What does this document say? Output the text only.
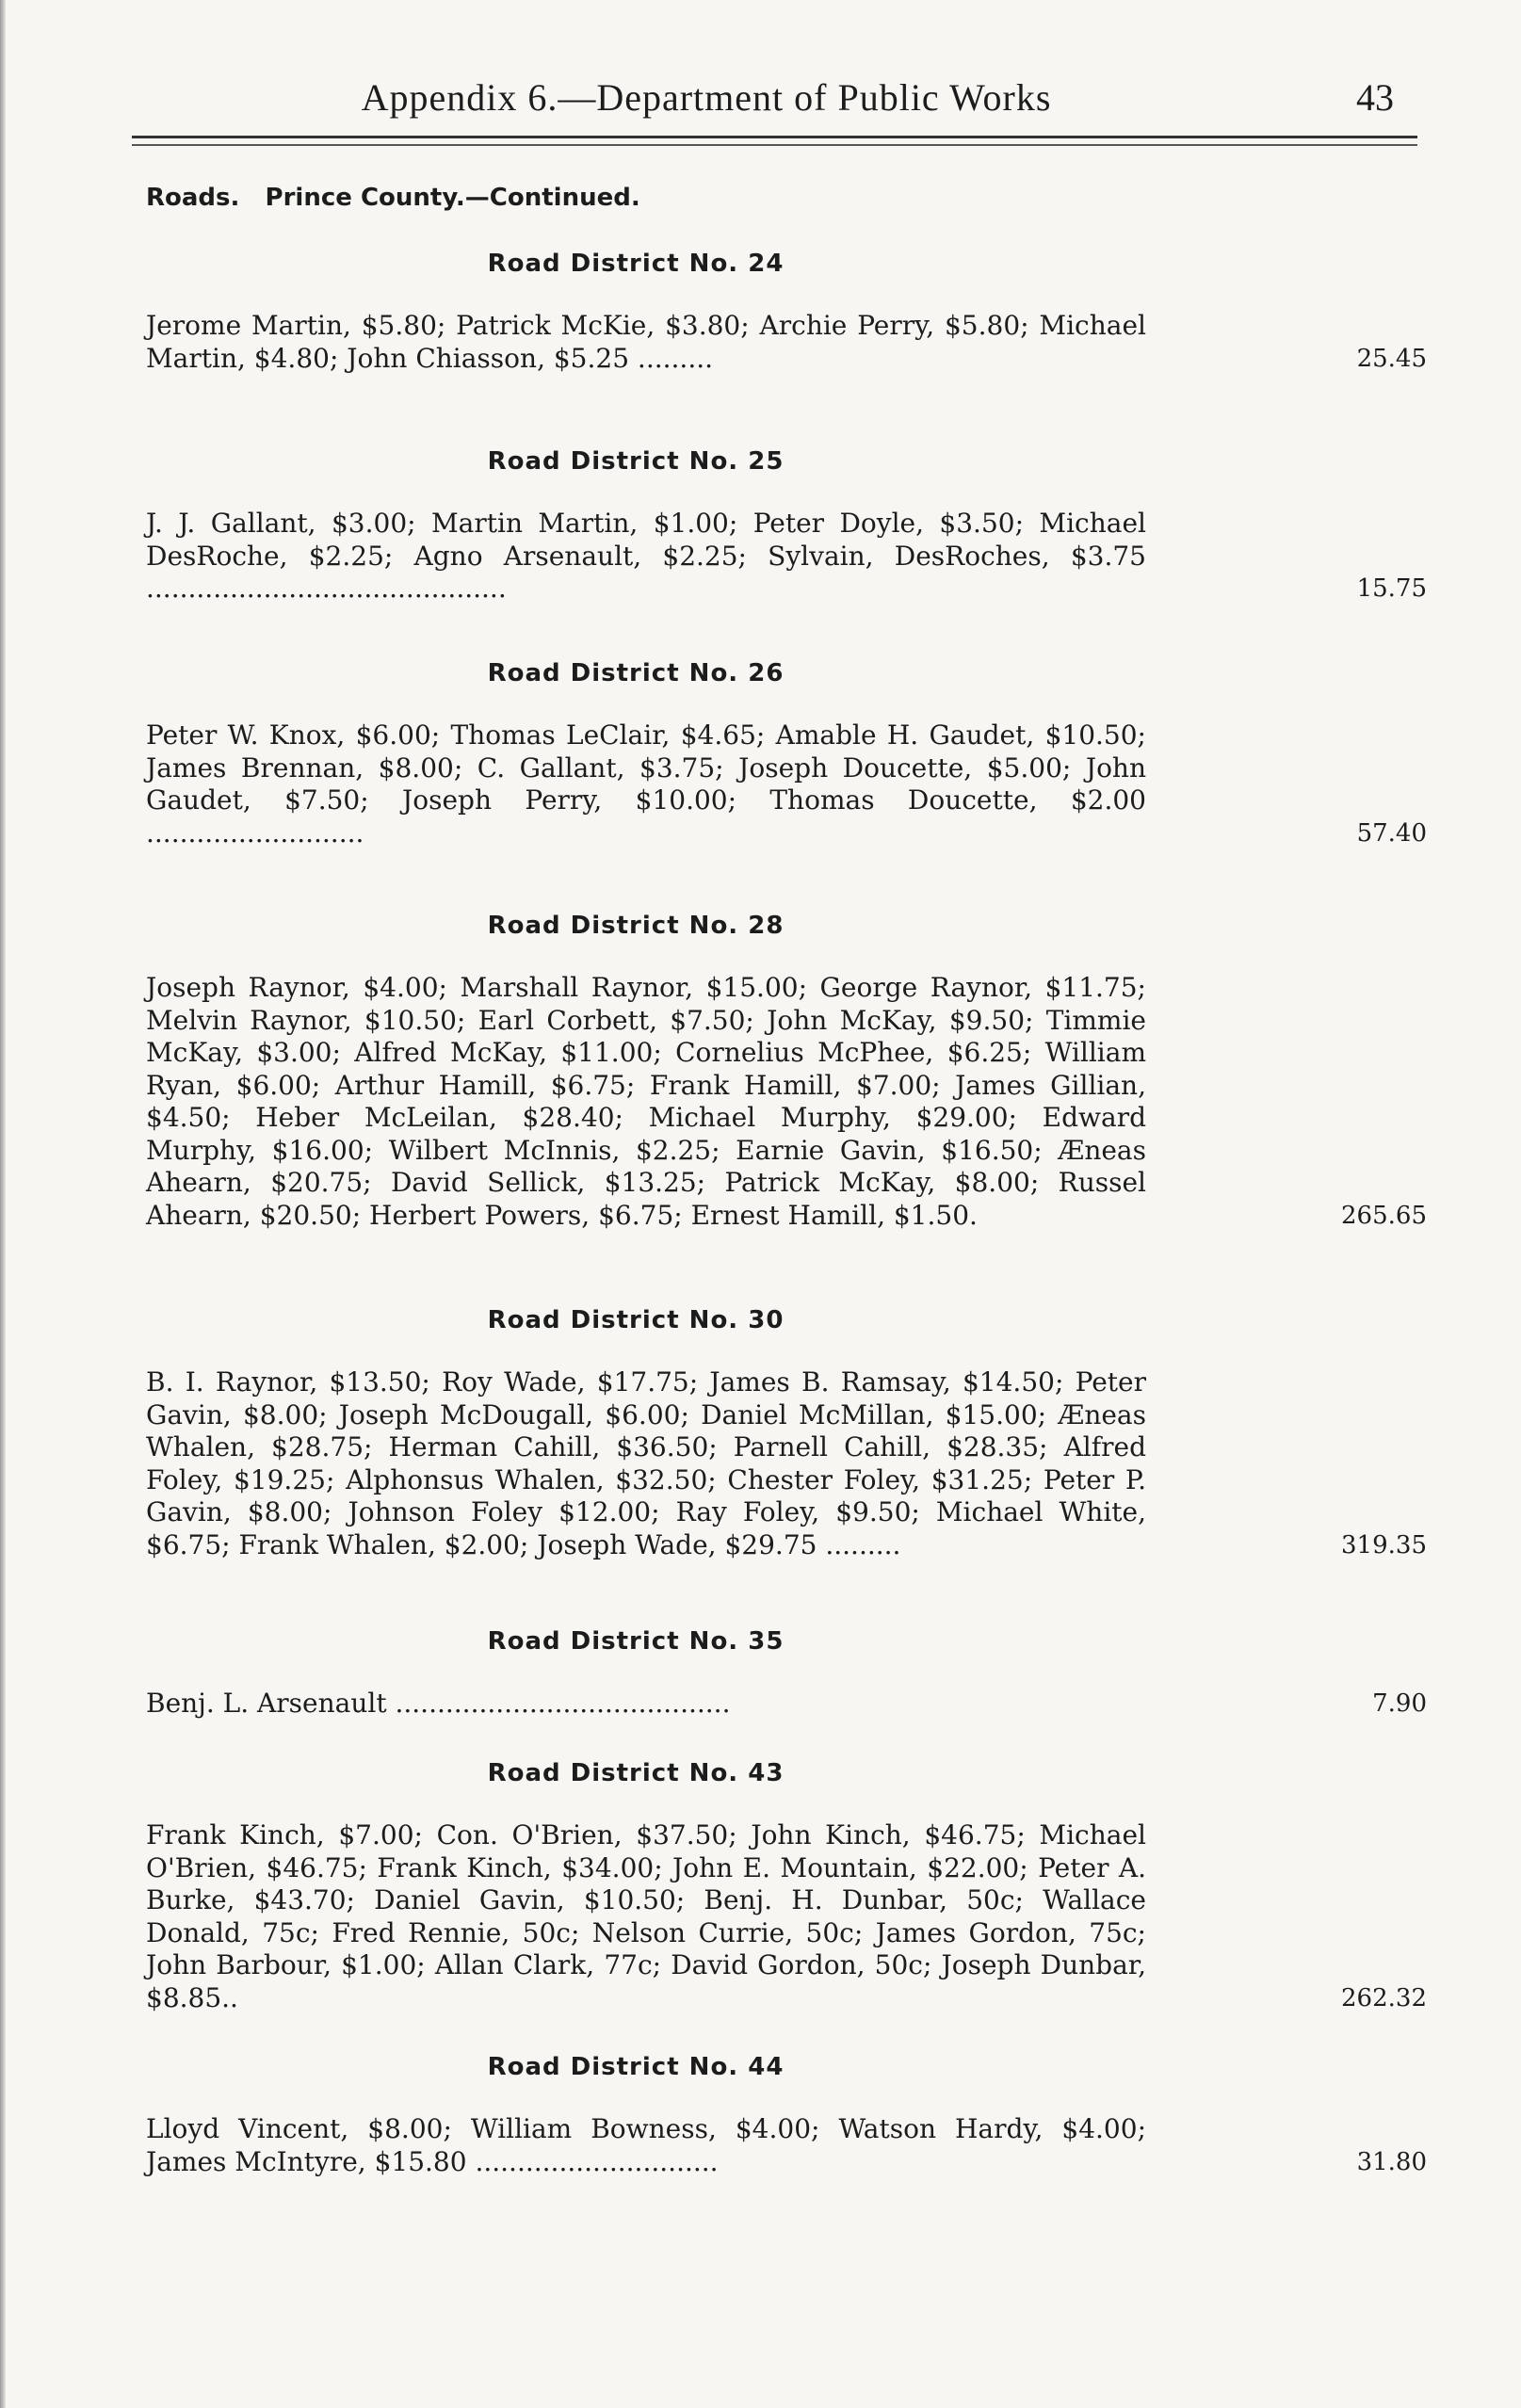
Appendix 6.—Department of Public Works	43
Roads.   Prince County.—Continued.
Road District No. 24
Jerome Martin, $5.80; Patrick McKie, $3.80; Archie Perry, $5.80; Michael Martin, $4.80; John Chiasson, $5.25 .........	25.45
Road District No. 25
J. J. Gallant, $3.00; Martin Martin, $1.00; Peter Doyle, $3.50; Michael DesRoche, $2.25; Agno Arsenault, $2.25; Sylvain, DesRoches, $3.75 ...........................................	15.75
Road District No. 26
Peter W. Knox, $6.00; Thomas LeClair, $4.65; Amable H. Gaudet, $10.50; James Brennan, $8.00; C. Gallant, $3.75; Joseph Doucette, $5.00; John Gaudet, $7.50; Joseph Perry, $10.00; Thomas Doucette, $2.00 ..........................	57.40
Road District No. 28
Joseph Raynor, $4.00; Marshall Raynor, $15.00; George Raynor, $11.75; Melvin Raynor, $10.50; Earl Corbett, $7.50; John McKay, $9.50; Timmie McKay, $3.00; Alfred McKay, $11.00; Cornelius McPhee, $6.25; William Ryan, $6.00; Arthur Hamill, $6.75; Frank Hamill, $7.00; James Gillian, $4.50; Heber McLeilan, $28.40; Michael Murphy, $29.00; Edward Murphy, $16.00; Wilbert McInnis, $2.25; Earnie Gavin, $16.50; Æneas Ahearn, $20.75; David Sellick, $13.25; Patrick McKay, $8.00; Russel Ahearn, $20.50; Herbert Powers, $6.75; Ernest Hamill, $1.50.	265.65
Road District No. 30
B. I. Raynor, $13.50; Roy Wade, $17.75; James B. Ramsay, $14.50; Peter Gavin, $8.00; Joseph McDougall, $6.00; Daniel McMillan, $15.00; Æneas Whalen, $28.75; Herman Cahill, $36.50; Parnell Cahill, $28.35; Alfred Foley, $19.25; Alphonsus Whalen, $32.50; Chester Foley, $31.25; Peter P. Gavin, $8.00; Johnson Foley $12.00; Ray Foley, $9.50; Michael White, $6.75; Frank Whalen, $2.00; Joseph Wade, $29.75 .........	319.35
Road District No. 35
Benj. L. Arsenault ........................................	7.90
Road District No. 43
Frank Kinch, $7.00; Con. O'Brien, $37.50; John Kinch, $46.75; Michael O'Brien, $46.75; Frank Kinch, $34.00; John E. Mountain, $22.00; Peter A. Burke, $43.70; Daniel Gavin, $10.50; Benj. H. Dunbar, 50c; Wallace Donald, 75c; Fred Rennie, 50c; Nelson Currie, 50c; James Gordon, 75c; John Barbour, $1.00; Allan Clark, 77c; David Gordon, 50c; Joseph Dunbar, $8.85..	262.32
Road District No. 44
Lloyd Vincent, $8.00; William Bowness, $4.00; Watson Hardy, $4.00; James McIntyre, $15.80 .............................	31.80
